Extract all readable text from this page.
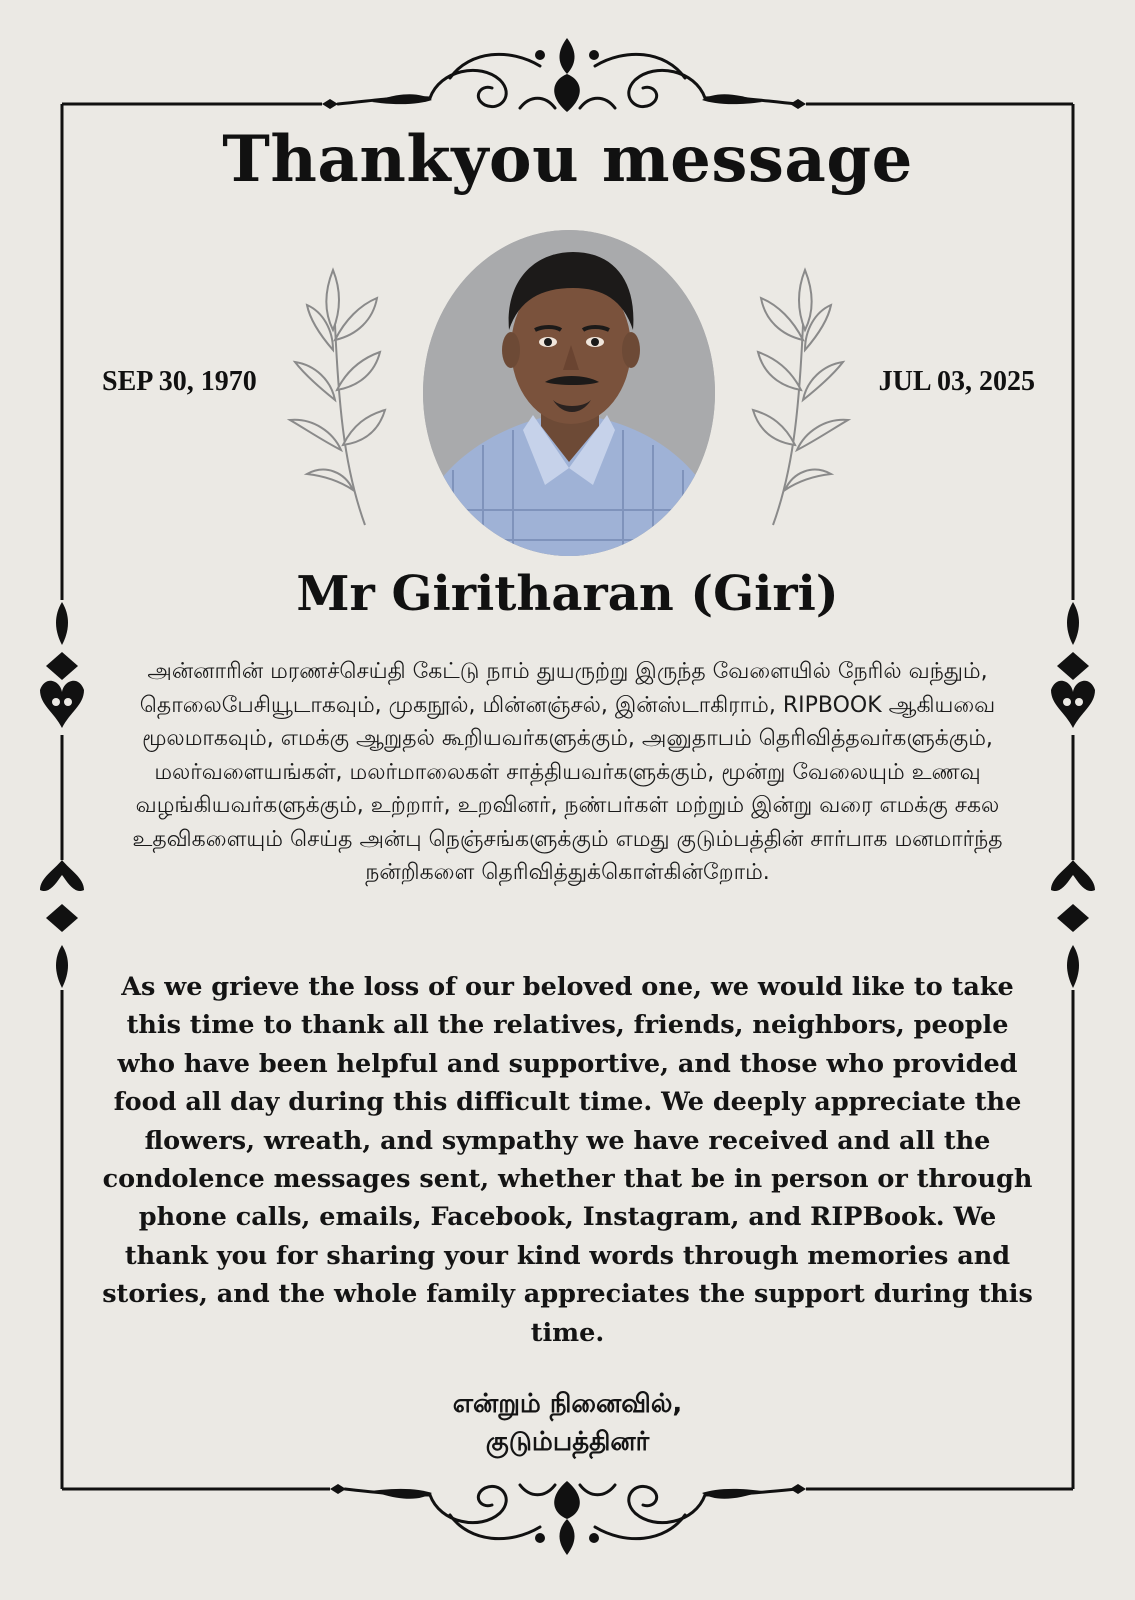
Thankyou message
SEP 30, 1970	JUL 03, 2025
Mr Giritharan (Giri)
அன்னாரின் மரணச்செய்தி கேட்டு நாம் துயருற்று இருந்த வேளையில் நேரில் வந்தும், தொலைபேசியூடாகவும், முகநூல், மின்னஞ்சல், இன்ஸ்டாகிராம், RIPBOOK ஆகியவை மூலமாகவும், எமக்கு ஆறுதல் கூறியவர்களுக்கும், அனுதாபம் தெரிவித்தவர்களுக்கும், மலர்வளையங்கள், மலர்மாலைகள் சாத்தியவர்களுக்கும், மூன்று வேலையும் உணவு வழங்கியவர்களுக்கும், உற்றார், உறவினர், நண்பர்கள் மற்றும் இன்று வரை எமக்கு சகல உதவிகளையும் செய்த அன்பு நெஞ்சங்களுக்கும் எமது குடும்பத்தின் சார்பாக மனமார்ந்த நன்றிகளை தெரிவித்துக்கொள்கின்றோம்.
As we grieve the loss of our beloved one, we would like to take this time to thank all the relatives, friends, neighbors, people who have been helpful and supportive, and those who provided food all day during this difficult time. We deeply appreciate the flowers, wreath, and sympathy we have received and all the condolence messages sent, whether that be in person or through phone calls, emails, Facebook, Instagram, and RIPBook. We thank you for sharing your kind words through memories and stories, and the whole family appreciates the support during this time.
என்றும் நினைவில்,
குடும்பத்தினர்
